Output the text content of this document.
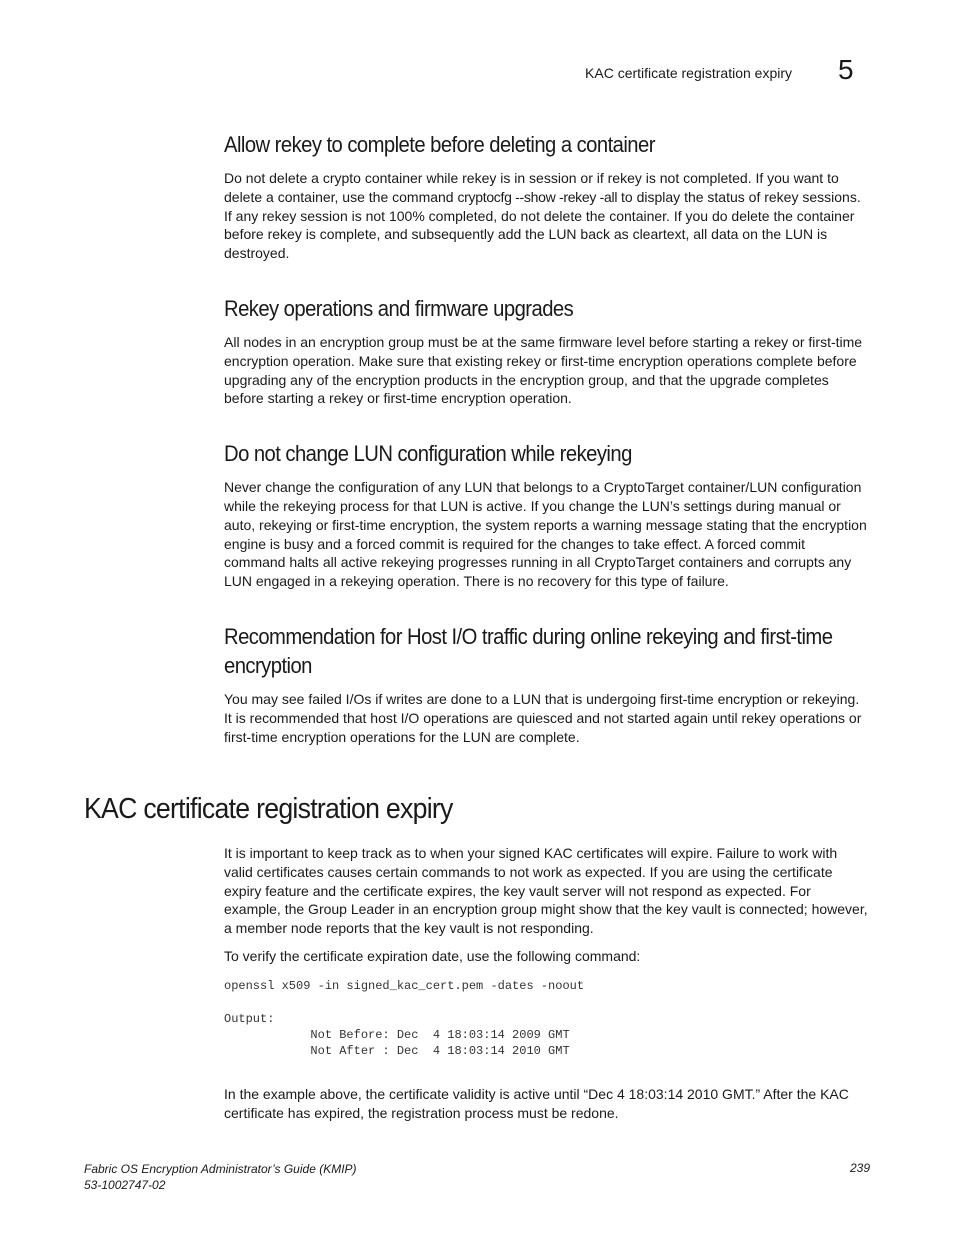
KAC certificate registration expiry 5
Allow rekey to complete before deleting a container

Do not delete a crypto container while rekey is in session or if rekey is not completed. If you want to delete a container, use the command cryptocfg --show -rekey -all to display the status of rekey sessions. If any rekey session is not 100% completed, do not delete the container. If you do delete the container before rekey is complete, and subsequently add the LUN back as cleartext, all data on the LUN is destroyed.

Rekey operations and firmware upgrades

All nodes in an encryption group must be at the same firmware level before starting a rekey or first-time encryption operation. Make sure that existing rekey or first-time encryption operations complete before upgrading any of the encryption products in the encryption group, and that the upgrade completes before starting a rekey or first-time encryption operation.

Do not change LUN configuration while rekeying

Never change the configuration of any LUN that belongs to a CryptoTarget container/LUN configuration while the rekeying process for that LUN is active. If you change the LUN’s settings during manual or auto, rekeying or first-time encryption, the system reports a warning message stating that the encryption engine is busy and a forced commit is required for the changes to take effect. A forced commit command halts all active rekeying progresses running in all CryptoTarget containers and corrupts any LUN engaged in a rekeying operation. There is no recovery for this type of failure.

Recommendation for Host I/O traffic during online rekeying and first-time encryption

You may see failed I/Os if writes are done to a LUN that is undergoing first-time encryption or rekeying. It is recommended that host I/O operations are quiesced and not started again until rekey operations or first-time encryption operations for the LUN are complete.

KAC certificate registration expiry

It is important to keep track as to when your signed KAC certificates will expire. Failure to work with valid certificates causes certain commands to not work as expected. If you are using the certificate expiry feature and the certificate expires, the key vault server will not respond as expected. For example, the Group Leader in an encryption group might show that the key vault is connected; however, a member node reports that the key vault is not responding.

To verify the certificate expiration date, use the following command:

openssl x509 -in signed_kac_cert.pem -dates -noout
Output:
Not Before: Dec  4 18:03:14 2009 GMT
Not After : Dec  4 18:03:14 2010 GMT

In the example above, the certificate validity is active until “Dec 4 18:03:14 2010 GMT.” After the KAC certificate has expired, the registration process must be redone.

Fabric OS Encryption Administrator’s Guide (KMIP)
53-1002747-02
239
